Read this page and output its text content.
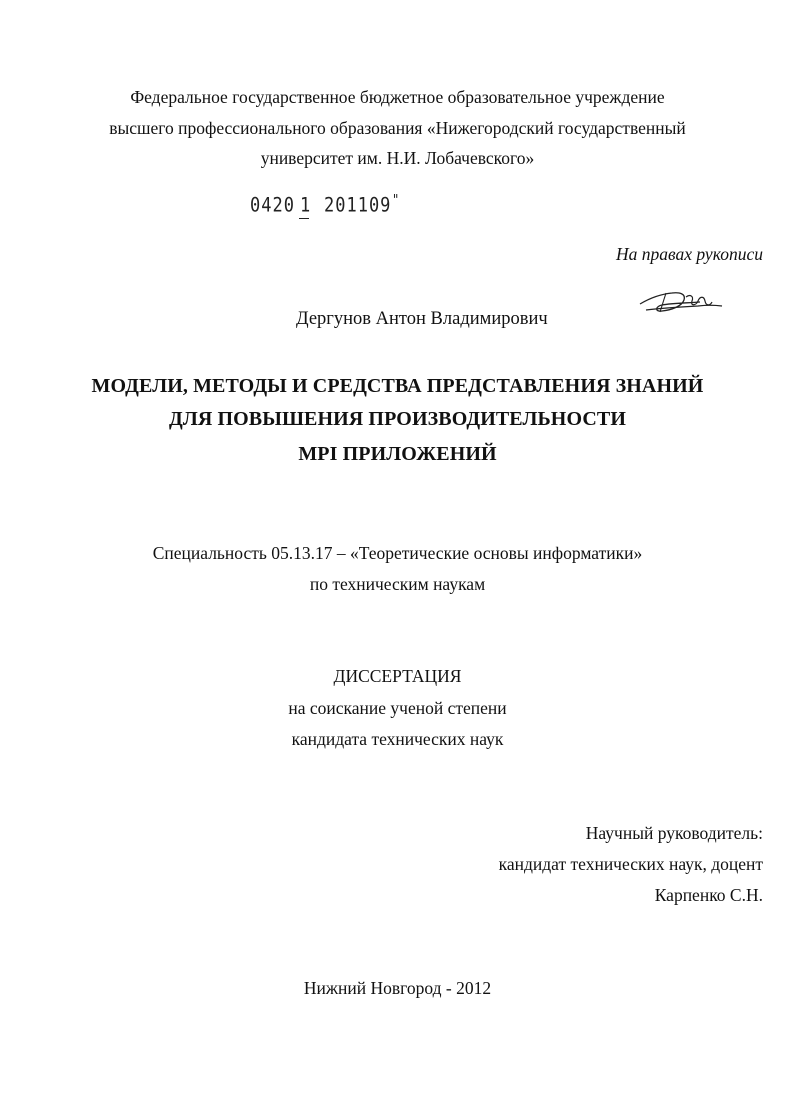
Федеральное государственное бюджетное образовательное учреждение
высшего профессионального образования «Нижегородский государственный
университет им. Н.И. Лобачевского»
0420 1 201109 "
На правах рукописи
Дергунов Антон Владимирович
МОДЕЛИ, МЕТОДЫ И СРЕДСТВА ПРЕДСТАВЛЕНИЯ ЗНАНИЙ
ДЛЯ ПОВЫШЕНИЯ ПРОИЗВОДИТЕЛЬНОСТИ
MPI ПРИЛОЖЕНИЙ
Специальность 05.13.17 – «Теоретические основы информатики»
по техническим наукам
ДИССЕРТАЦИЯ
на соискание ученой степени
кандидата технических наук
Научный руководитель:
кандидат технических наук, доцент
Карпенко С.Н.
Нижний Новгород - 2012
